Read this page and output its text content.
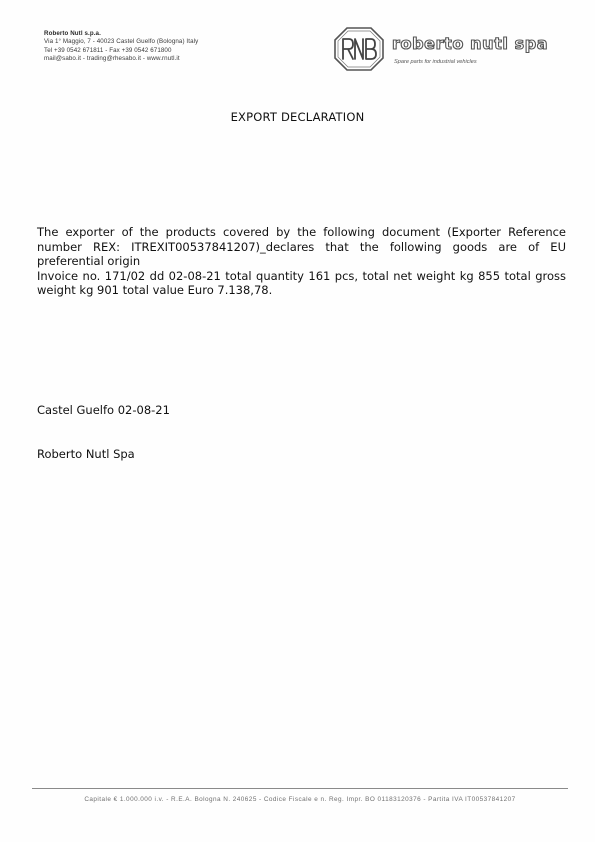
Roberto Nutl s.p.a.
Via 1° Maggio, 7 - 40023 Castel Guelfo (Bologna) Italy
Tel +39 0542 671811 - Fax +39 0542 671800
mail@sabo.it - trading@rhesabo.it - www.rnutl.it
roberto nutl spa
Spare parts for industrial vehicles
EXPORT DECLARATION

The exporter of the products covered by the following document (Exporter Reference number REX: ITREXIT00537841207)_declares that the following goods are of EU preferential origin

Invoice no. 171/02 dd 02-08-21 total quantity 161 pcs, total net weight kg 855 total gross weight kg 901 total value Euro 7.138,78.

Castel Guelfo 02-08-21
Roberto Nutl Spa
Capitale € 1.000.000 i.v. - R.E.A. Bologna N. 240625 - Codice Fiscale e n. Reg. Impr. BO 01183120376 - Partita IVA IT00537841207
